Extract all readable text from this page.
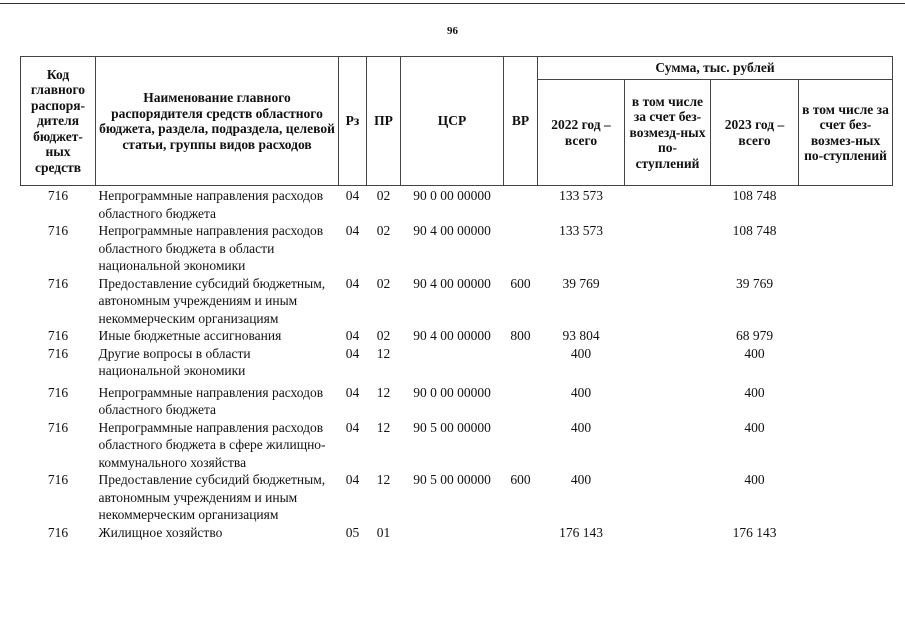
96
Код главного распоря-дителя бюджет-ных средств	Наименование главного распорядителя средств областного бюджета, раздела, подраздела, целевой статьи, группы видов расходов	Рз	ПР	ЦСР	ВР	Сумма, тыс. рублей			
						2022 год – всего	в том числе за счет без-возмезд-ных по-ступлений	2023 год – всего	в том числе за счет без-возмез-ных по-ступлений
716	Непрограммные направления расходов областного бюджета	04	02	90 0 00 00000		133 573		108 748	
716	Непрограммные направления расходов областного бюджета в области национальной экономики	04	02	90 4 00 00000		133 573		108 748	
716	Предоставление субсидий бюджетным, автономным учреждениям и иным некоммерческим организациям	04	02	90 4 00 00000	600	39 769		39 769	
716	Иные бюджетные ассигнования	04	02	90 4 00 00000	800	93 804		68 979	
716	Другие вопросы в области национальной экономики	04	12			400		400	
716	Непрограммные направления расходов областного бюджета	04	12	90 0 00 00000		400		400	
716	Непрограммные направления расходов областного бюджета в сфере жилищно-коммунального хозяйства	04	12	90 5 00 00000		400		400	
716	Предоставление субсидий бюджетным, автономным учреждениям и иным некоммерческим организациям	04	12	90 5 00 00000	600	400		400	
716	Жилищное хозяйство	05	01			176 143		176 143	
